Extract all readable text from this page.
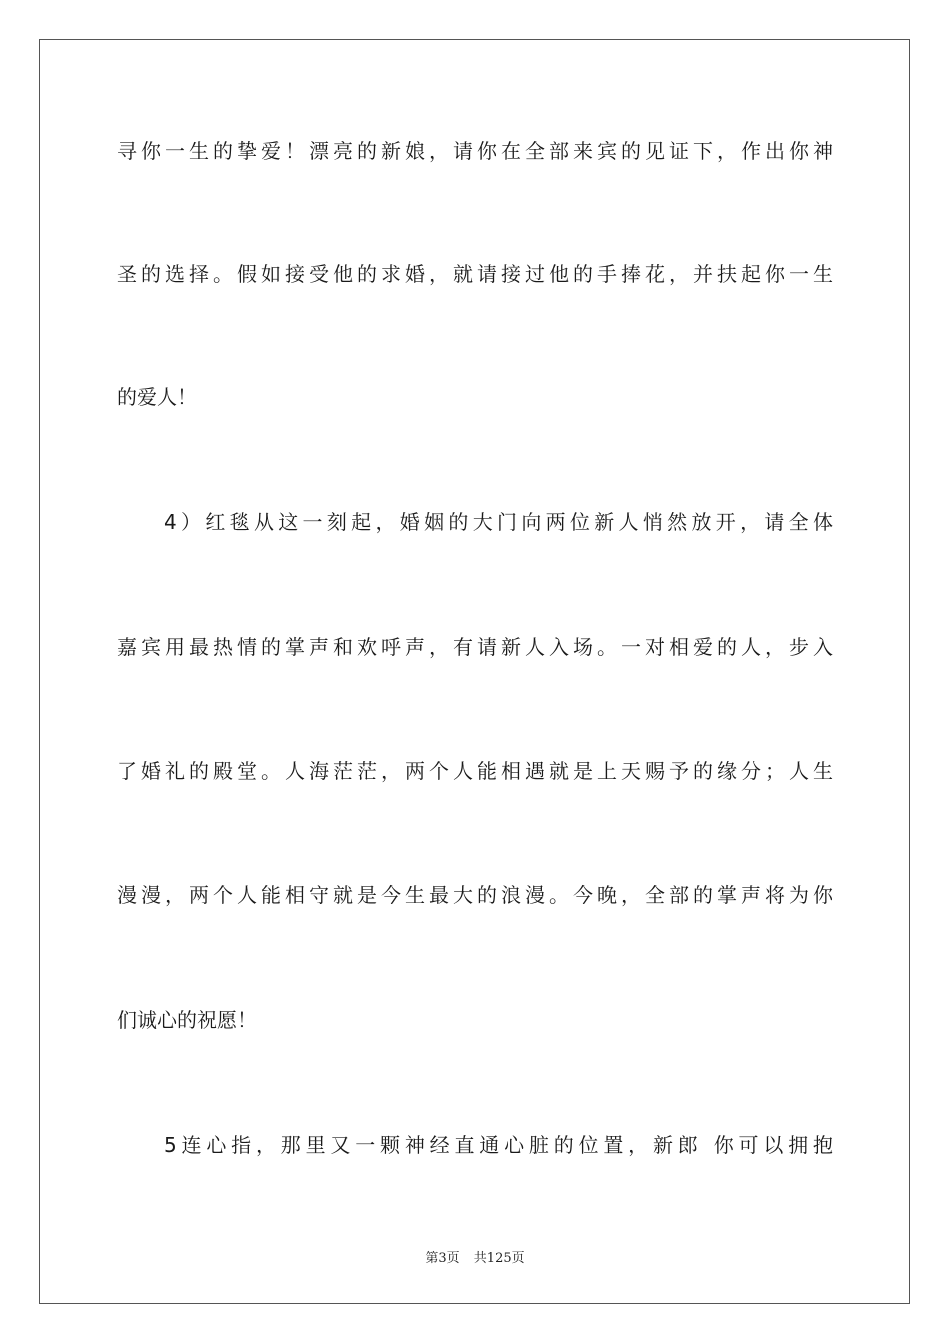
寻你一生的挚爱！漂亮的新娘，请你在全部来宾的见证下，作出你神
圣的选择。假如接受他的求婚，就请接过他的手捧花，并扶起你一生
的爱人！
4）红毯从这一刻起，婚姻的大门向两位新人悄然放开，请全体
嘉宾用最热情的掌声和欢呼声，有请新人入场。一对相爱的人，步入
了婚礼的殿堂。人海茫茫，两个人能相遇就是上天赐予的缘分；人生
漫漫，两个人能相守就是今生最大的浪漫。今晚，全部的掌声将为你
们诚心的祝愿！
5连心指，那里又一颗神经直通心脏的位置，新郎 你可以拥抱
第3页 共125页
